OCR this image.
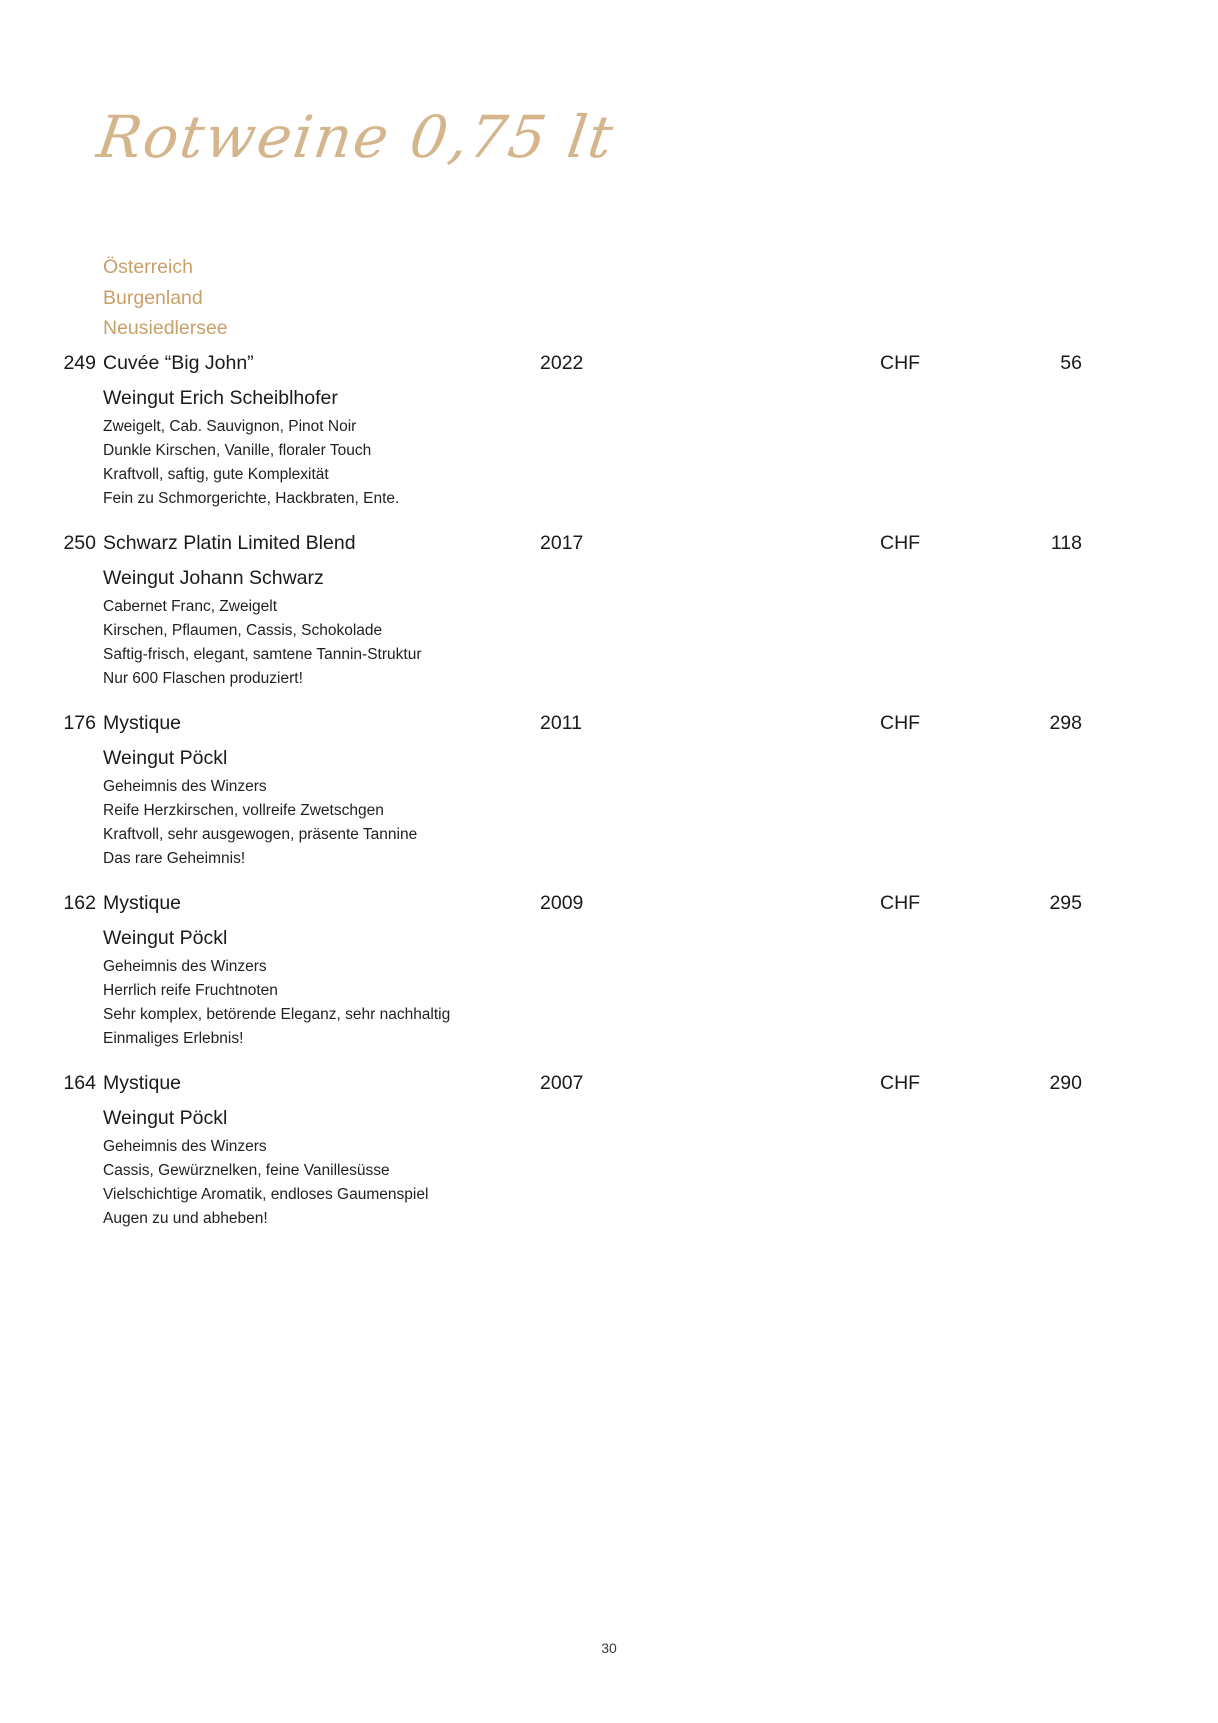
Rotweine 0,75 lt
Österreich
Burgenland
Neusiedlersee
249 Cuvée “Big John”	2022	CHF	56
Weingut Erich Scheiblhofer
Zweigelt, Cab. Sauvignon, Pinot Noir
Dunkle Kirschen, Vanille, floraler Touch
Kraftvoll, saftig, gute Komplexität
Fein zu Schmorgerichte, Hackbraten, Ente.
250 Schwarz Platin Limited Blend	2017	CHF	118
Weingut Johann Schwarz
Cabernet Franc, Zweigelt
Kirschen, Pflaumen, Cassis, Schokolade
Saftig-frisch, elegant, samtene Tannin-Struktur
Nur 600 Flaschen produziert!
176 Mystique	2011	CHF	298
Weingut Pöckl
Geheimnis des Winzers
Reife Herzkirschen, vollreife Zwetschgen
Kraftvoll, sehr ausgewogen, präsente Tannine
Das rare Geheimnis!
162 Mystique	2009	CHF	295
Weingut Pöckl
Geheimnis des Winzers
Herrlich reife Fruchtnoten
Sehr komplex, betörende Eleganz, sehr nachhaltig
Einmaliges Erlebnis!
164 Mystique	2007	CHF	290
Weingut Pöckl
Geheimnis des Winzers
Cassis, Gewürznelken, feine Vanillesüsse
Vielschichtige Aromatik, endloses Gaumenspiel
Augen zu und abheben!
30
